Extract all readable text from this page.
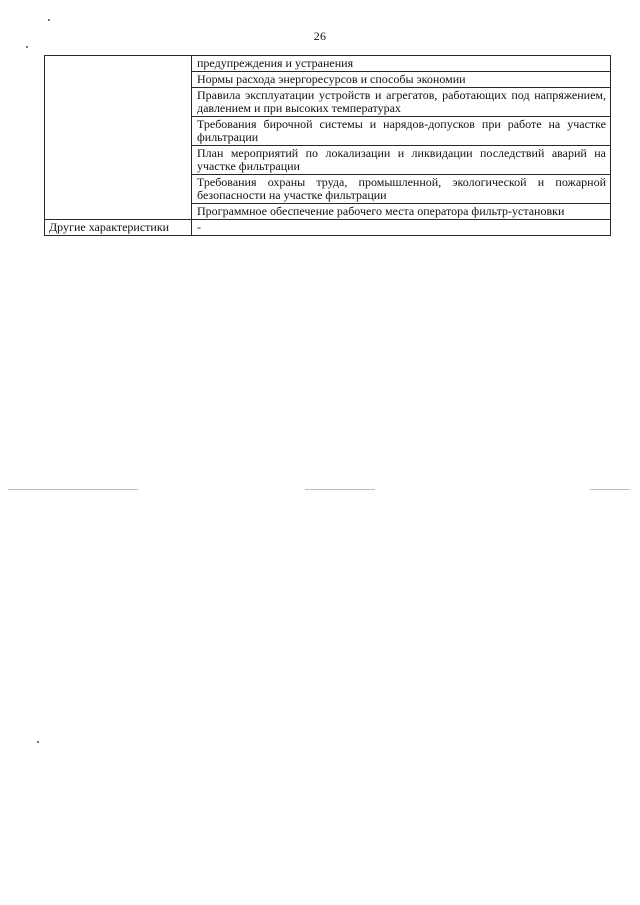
26
	предупреждения и устранения
	Нормы расхода энергоресурсов и способы экономии
	Правила эксплуатации устройств и агрегатов, работающих под напряжением, давлением и при высоких температурах
	Требования бирочной системы и нарядов-допусков при работе на участке фильтрации
	План мероприятий по локализации и ликвидации последствий аварий на участке фильтрации
	Требования охраны труда, промышленной, экологической и пожарной безопасности на участке фильтрации
	Программное обеспечение рабочего места оператора фильтр-установки
Другие характеристики	-
